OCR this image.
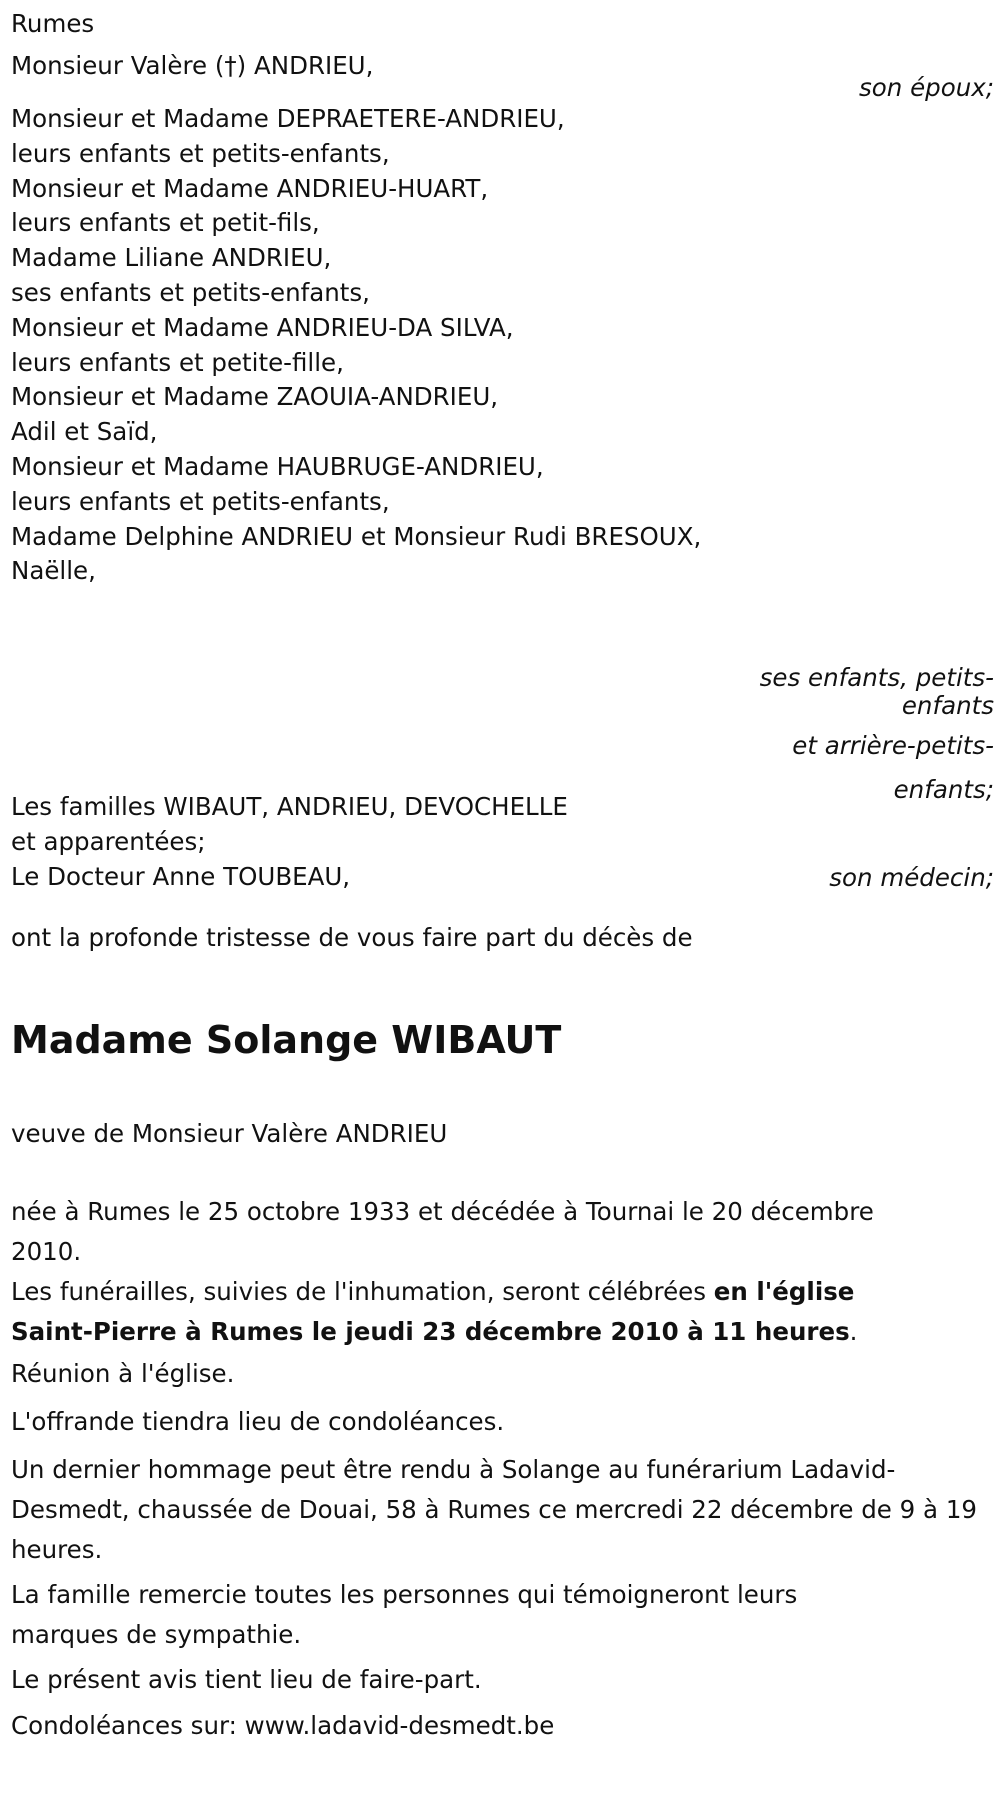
Rumes
Monsieur Valère (†) ANDRIEU,
son époux;
Monsieur et Madame DEPRAETERE-ANDRIEU,
leurs enfants et petits-enfants,
Monsieur et Madame ANDRIEU-HUART,
leurs enfants et petit-fils,
Madame Liliane ANDRIEU,
ses enfants et petits-enfants,
Monsieur et Madame ANDRIEU-DA SILVA,
leurs enfants et petite-fille,
Monsieur et Madame ZAOUIA-ANDRIEU,
Adil et Saïd,
Monsieur et Madame HAUBRUGE-ANDRIEU,
leurs enfants et petits-enfants,
Madame Delphine ANDRIEU et Monsieur Rudi BRESOUX,
Naëlle,
ses enfants, petits-
enfants
et arrière-petits-
enfants;
Les familles WIBAUT, ANDRIEU, DEVOCHELLE
et apparentées;
Le Docteur Anne TOUBEAU,	son médecin;
ont la profonde tristesse de vous faire part du décès de
Madame Solange WIBAUT
veuve de Monsieur Valère ANDRIEU
née à Rumes le 25 octobre 1933 et décédée à Tournai le 20 décembre 2010.
Les funérailles, suivies de l'inhumation, seront célébrées en l'église Saint-Pierre à Rumes le jeudi 23 décembre 2010 à 11 heures.
Réunion à l'église.
L'offrande tiendra lieu de condoléances.
Un dernier hommage peut être rendu à Solange au funérarium Ladavid-Desmedt, chaussée de Douai, 58 à Rumes ce mercredi 22 décembre de 9 à 19 heures.
La famille remercie toutes les personnes qui témoigneront leurs marques de sympathie.
Le présent avis tient lieu de faire-part.
Condoléances sur: www.ladavid-desmedt.be
